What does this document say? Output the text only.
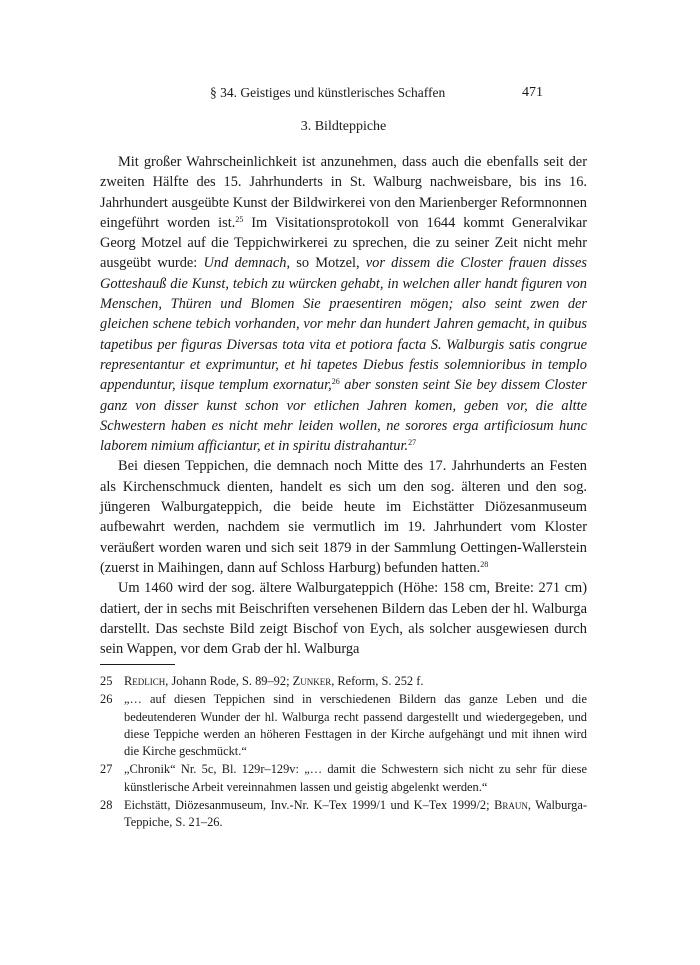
§ 34. Geistiges und künstlerisches Schaffen	471
3. Bildteppiche

Mit großer Wahrscheinlichkeit ist anzunehmen, dass auch die ebenfalls seit der zweiten Hälfte des 15. Jahrhunderts in St. Walburg nachweisbare, bis ins 16. Jahrhundert ausgeübte Kunst der Bildwirkerei von den Marienberger Reformnonnen eingeführt worden ist.$^{25}$ Im Visitationsprotokoll von 1644 kommt Generalvikar Georg Motzel auf die Teppichwirkerei zu sprechen, die zu seiner Zeit nicht mehr ausgeübt wurde: Und demnach, so Motzel, vor dissem die Closter frauen disses Gotteshauß die Kunst, tebich zu würcken gehabt, in welchen aller handt figuren von Menschen, Thüren und Blomen Sie praesentiren mögen; also seint zwen der gleichen schene tebich vorhanden, vor mehr dan hundert Jahren gemacht, in quibus tapetibus per figuras Diversas tota vita et potiora facta S. Walburgis satis congrue representantur et exprimuntur, et hi tapetes Diebus festis solemnioribus in templo appenduntur, iisque templum exornatur,$^{26}$ aber sonsten seint Sie bey dissem Closter ganz von disser kunst schon vor etlichen Jahren komen, geben vor, die altte Schwestern haben es nicht mehr leiden wollen, ne sorores erga artificiosum hunc laborem nimium afficiantur, et in spiritu distrahantur.$^{27}$

Bei diesen Teppichen, die demnach noch Mitte des 17. Jahrhunderts an Festen als Kirchenschmuck dienten, handelt es sich um den sog. älteren und den sog. jüngeren Walburgateppich, die beide heute im Eichstätter Diözesanmuseum aufbewahrt werden, nachdem sie vermutlich im 19. Jahrhundert vom Kloster veräußert worden waren und sich seit 1879 in der Sammlung Oettingen-Wallerstein (zuerst in Maihingen, dann auf Schloss Harburg) befunden hatten.$^{28}$

Um 1460 wird der sog. ältere Walburgateppich (Höhe: 158 cm, Breite: 271 cm) datiert, der in sechs mit Beischriften versehenen Bildern das Leben der hl. Walburga darstellt. Das sechste Bild zeigt Bischof von Eych, als solcher ausgewiesen durch sein Wappen, vor dem Grab der hl. Walburga

25 Redlich, Johann Rode, S. 89–92; Zunker, Reform, S. 252 f.
26 „… auf diesen Teppichen sind in verschiedenen Bildern das ganze Leben und die bedeutenderen Wunder der hl. Walburga recht passend dargestellt und wiedergegeben, und diese Teppiche werden an höheren Festtagen in der Kirche aufgehängt und mit ihnen wird die Kirche geschmückt.“
27 „Chronik“ Nr. 5c, Bl. 129r–129v: „… damit die Schwestern sich nicht zu sehr für diese künstlerische Arbeit vereinnahmen lassen und geistig abgelenkt werden.“
28 Eichstätt, Diözesanmuseum, Inv.-Nr. K–Tex 1999/1 und K–Tex 1999/2; Braun, Walburga-Teppiche, S. 21–26.
